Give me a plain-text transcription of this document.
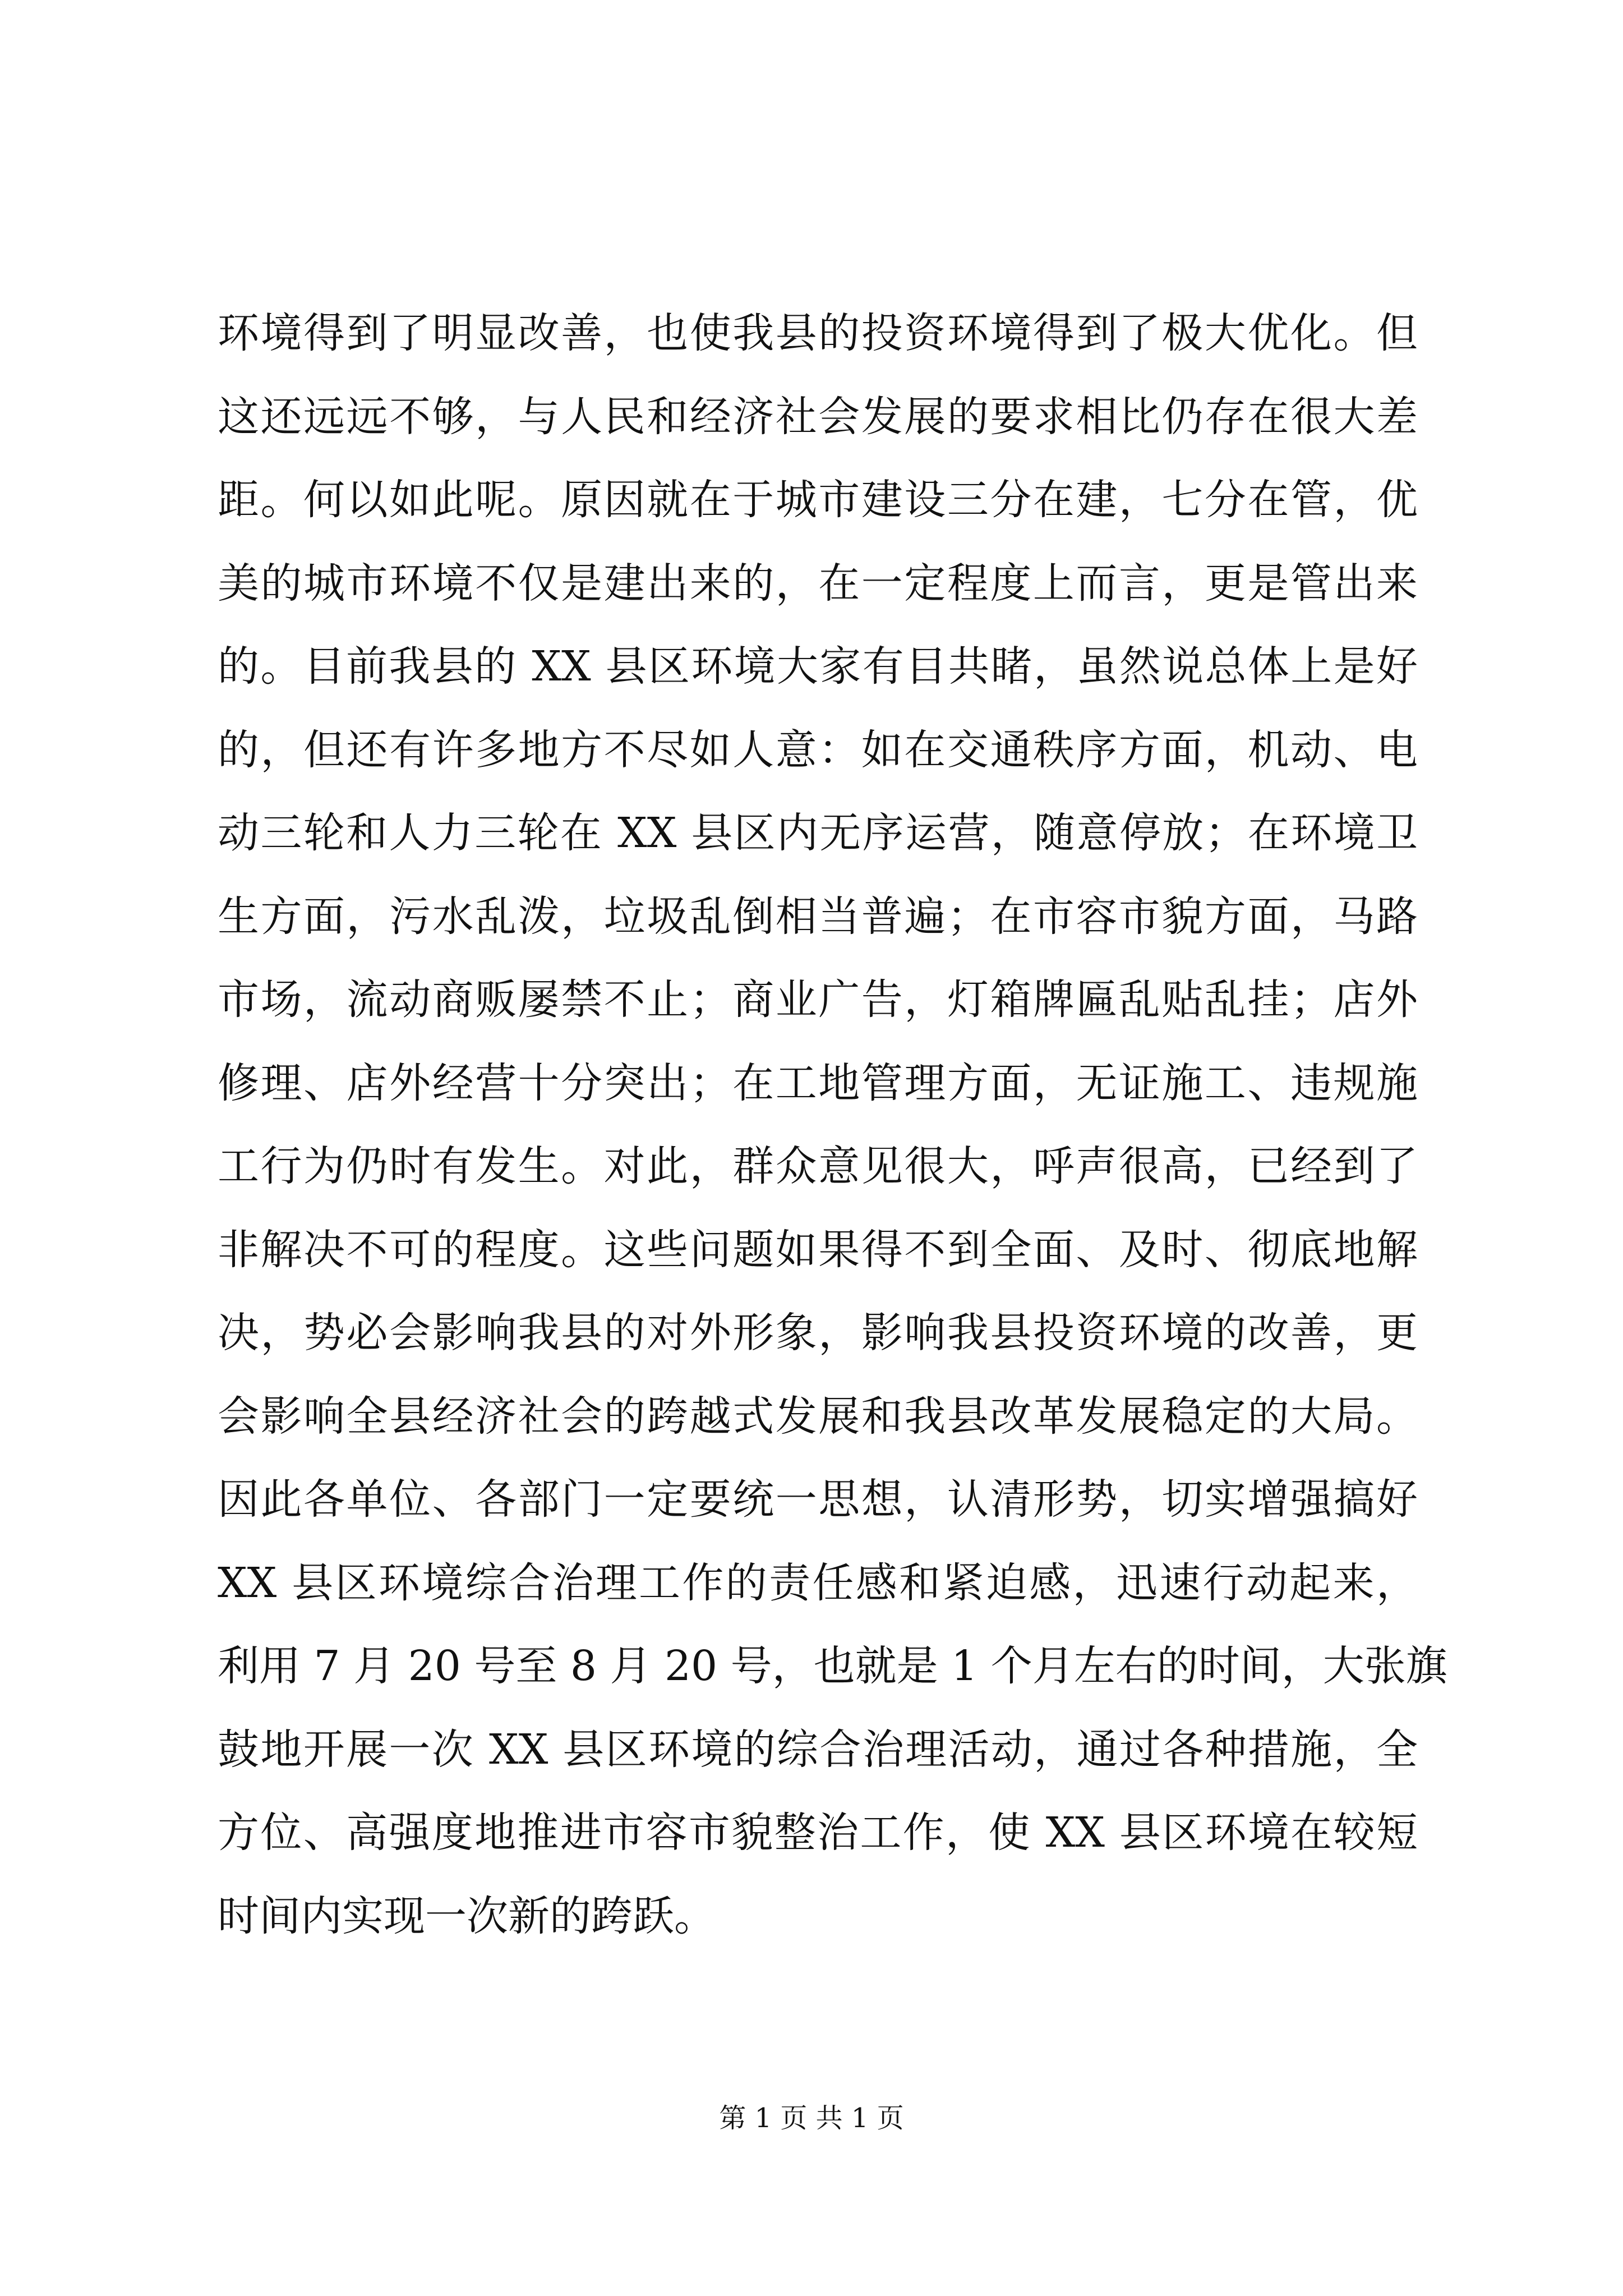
环境得到了明显改善，也使我县的投资环境得到了极大优化。但
这还远远不够，与人民和经济社会发展的要求相比仍存在很大差
距。何以如此呢。原因就在于城市建设三分在建，七分在管，优
美的城市环境不仅是建出来的，在一定程度上而言，更是管出来
的。目前我县的 XX 县区环境大家有目共睹，虽然说总体上是好
的，但还有许多地方不尽如人意：如在交通秩序方面，机动、电
动三轮和人力三轮在 XX 县区内无序运营，随意停放；在环境卫
生方面，污水乱泼，垃圾乱倒相当普遍；在市容市貌方面，马路
市场，流动商贩屡禁不止；商业广告，灯箱牌匾乱贴乱挂；店外
修理、店外经营十分突出；在工地管理方面，无证施工、违规施
工行为仍时有发生。对此，群众意见很大，呼声很高，已经到了
非解决不可的程度。这些问题如果得不到全面、及时、彻底地解
决，势必会影响我县的对外形象，影响我县投资环境的改善，更
会影响全县经济社会的跨越式发展和我县改革发展稳定的大局。
因此各单位、各部门一定要统一思想，认清形势，切实增强搞好
XX 县区环境综合治理工作的责任感和紧迫感，迅速行动起来，
利用 7 月 20 号至 8 月 20 号，也就是 1 个月左右的时间，大张旗
鼓地开展一次 XX 县区环境的综合治理活动，通过各种措施，全
方位、高强度地推进市容市貌整治工作，使 XX 县区环境在较短
时间内实现一次新的跨跃。
第 1 页 共 1 页
